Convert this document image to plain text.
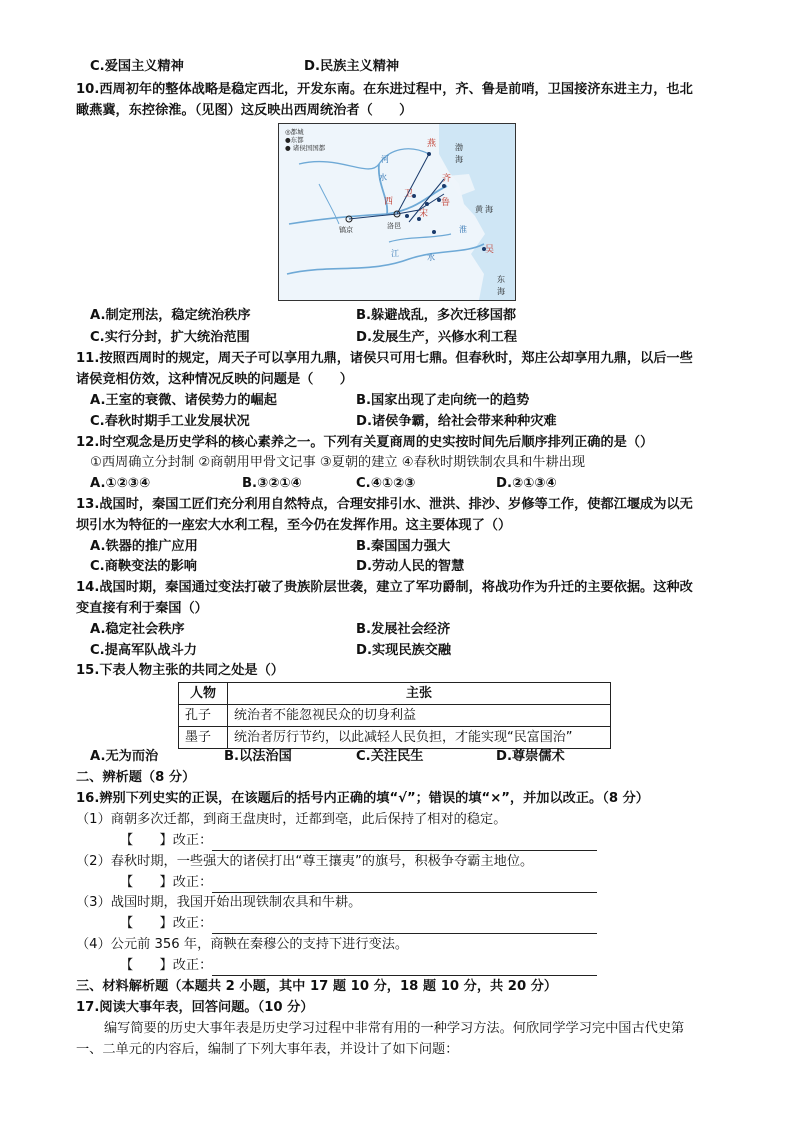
C.爱国主义精神	D.民族主义精神
10.西周初年的整体战略是稳定西北，开发东南。在东进过程中，齐、鲁是前哨，卫国接济东进主力，也北
瞰燕冀，东控徐淮。（见图）这反映出西周统治者（　　）
◎都城
●东都
● 诸侯国国都	燕 渤
海
河
水
卫
齐
鲁
宋
西
镐京	洛邑
黄 海
淮
江	水
吴
东
海
A.制定刑法，稳定统治秩序	B.躲避战乱，多次迁移国都
C.实行分封，扩大统治范围	D.发展生产，兴修水利工程
11.按照西周时的规定，周天子可以享用九鼎，诸侯只可用七鼎。但春秋时，郑庄公却享用九鼎，以后一些
诸侯竞相仿效，这种情况反映的问题是（　　）
A.王室的衰微、诸侯势力的崛起	B.国家出现了走向统一的趋势
C.春秋时期手工业发展状况	D.诸侯争霸，给社会带来种种灾难
12.时空观念是历史学科的核心素养之一。下列有关夏商周的史实按时间先后顺序排列正确的是（）
①西周确立分封制 ②商朝用甲骨文记事 ③夏朝的建立 ④春秋时期铁制农具和牛耕出现
A.①②③④	B.③②①④	C.④①②③	D.②①③④
13.战国时，秦国工匠们充分利用自然特点，合理安排引水、泄洪、排沙、岁修等工作，使都江堰成为以无
坝引水为特征的一座宏大水利工程，至今仍在发挥作用。这主要体现了（）
A.铁器的推广应用	B.秦国国力强大
C.商鞅变法的影响	D.劳动人民的智慧
14.战国时期，秦国通过变法打破了贵族阶层世袭，建立了军功爵制，将战功作为升迁的主要依据。这种改
变直接有利于秦国（）
A.稳定社会秩序	B.发展社会经济
C.提高军队战斗力	D.实现民族交融
15.下表人物主张的共同之处是（）
人物	主张
孔子	统治者不能忽视民众的切身利益
墨子	统治者厉行节约，以此减轻人民负担，才能实现“民富国治”
A.无为而治	B.以法治国	C.关注民生	D.尊崇儒术
二、辨析题（8 分）
16.辨别下列史实的正误，在该题后的括号内正确的填“√”；错误的填“×”，并加以改正。（8 分）
（1）商朝多次迁都，到商王盘庚时，迁都到亳，此后保持了相对的稳定。
【　　】改正：
（2）春秋时期，一些强大的诸侯打出“尊王攘夷”的旗号，积极争夺霸主地位。
【　　】改正：
（3）战国时期，我国开始出现铁制农具和牛耕。
【　　】改正：
（4）公元前 356 年，商鞅在秦穆公的支持下进行变法。
【　　】改正：
三、材料解析题（本题共 2 小题，其中 17 题 10 分，18 题 10 分，共 20 分）
17.阅读大事年表，回答问题。（10 分）
编写简要的历史大事年表是历史学习过程中非常有用的一种学习方法。何欣同学学习完中国古代史第
一、二单元的内容后，编制了下列大事年表，并设计了如下问题：
